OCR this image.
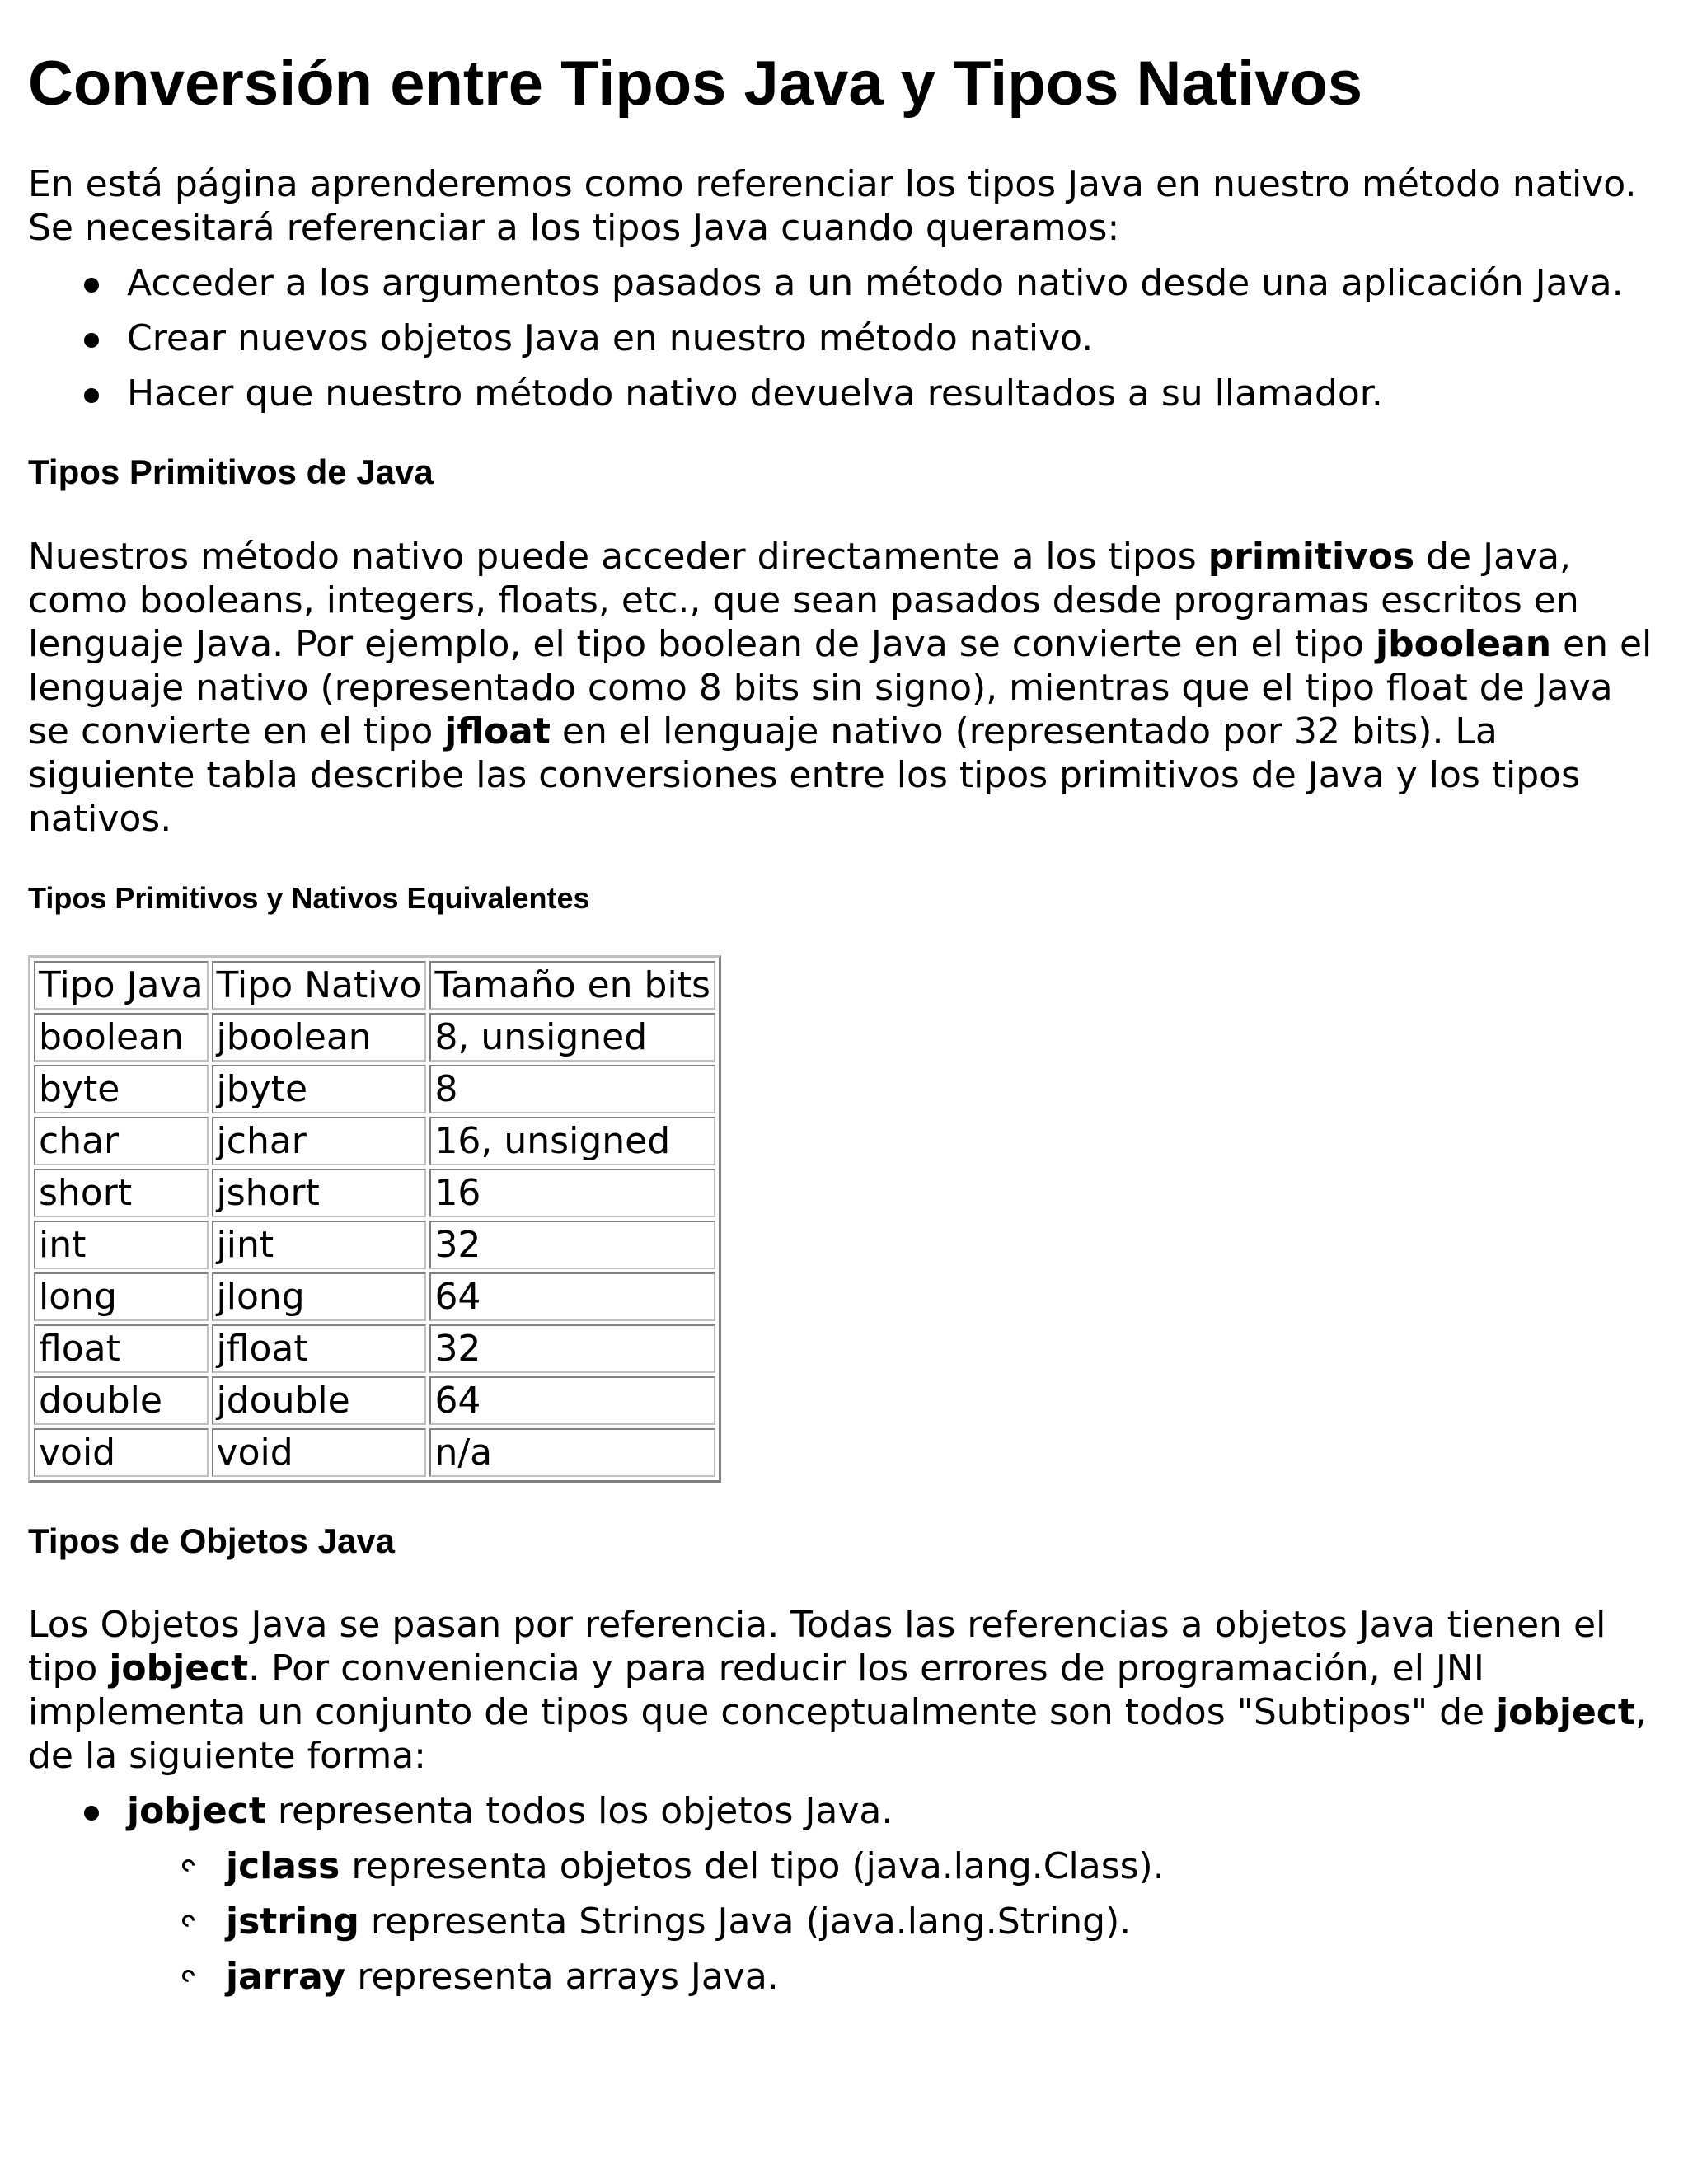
Conversión entre Tipos Java y Tipos Nativos

En está página aprenderemos como referenciar los tipos Java en nuestro método nativo. Se necesitará referenciar a los tipos Java cuando queramos:

Acceder a los argumentos pasados a un método nativo desde una aplicación Java.
Crear nuevos objetos Java en nuestro método nativo.
Hacer que nuestro método nativo devuelva resultados a su llamador.
Tipos Primitivos de Java

Nuestros método nativo puede acceder directamente a los tipos primitivos de Java, como booleans, integers, floats, etc., que sean pasados desde programas escritos en lenguaje Java. Por ejemplo, el tipo boolean de Java se convierte en el tipo jboolean en el lenguaje nativo (representado como 8 bits sin signo), mientras que el tipo float de Java se convierte en el tipo jfloat en el lenguaje nativo (representado por 32 bits). La siguiente tabla describe las conversiones entre los tipos primitivos de Java y los tipos nativos.

Tipos Primitivos y Nativos Equivalentes
Tipo Java	Tipo Nativo	Tamaño en bits
boolean	jboolean	8, unsigned
byte	jbyte	8
char	jchar	16, unsigned
short	jshort	16
int	jint	32
long	jlong	64
float	jfloat	32
double	jdouble	64
void	void	n/a
Tipos de Objetos Java

Los Objetos Java se pasan por referencia. Todas las referencias a objetos Java tienen el tipo jobject. Por conveniencia y para reducir los errores de programación, el JNI implementa un conjunto de tipos que conceptualmente son todos "Subtipos" de jobject, de la siguiente forma:

jobject representa todos los objetos Java.
jclass representa objetos del tipo (java.lang.Class).
jstring representa Strings Java (java.lang.String).
jarray representa arrays Java.
